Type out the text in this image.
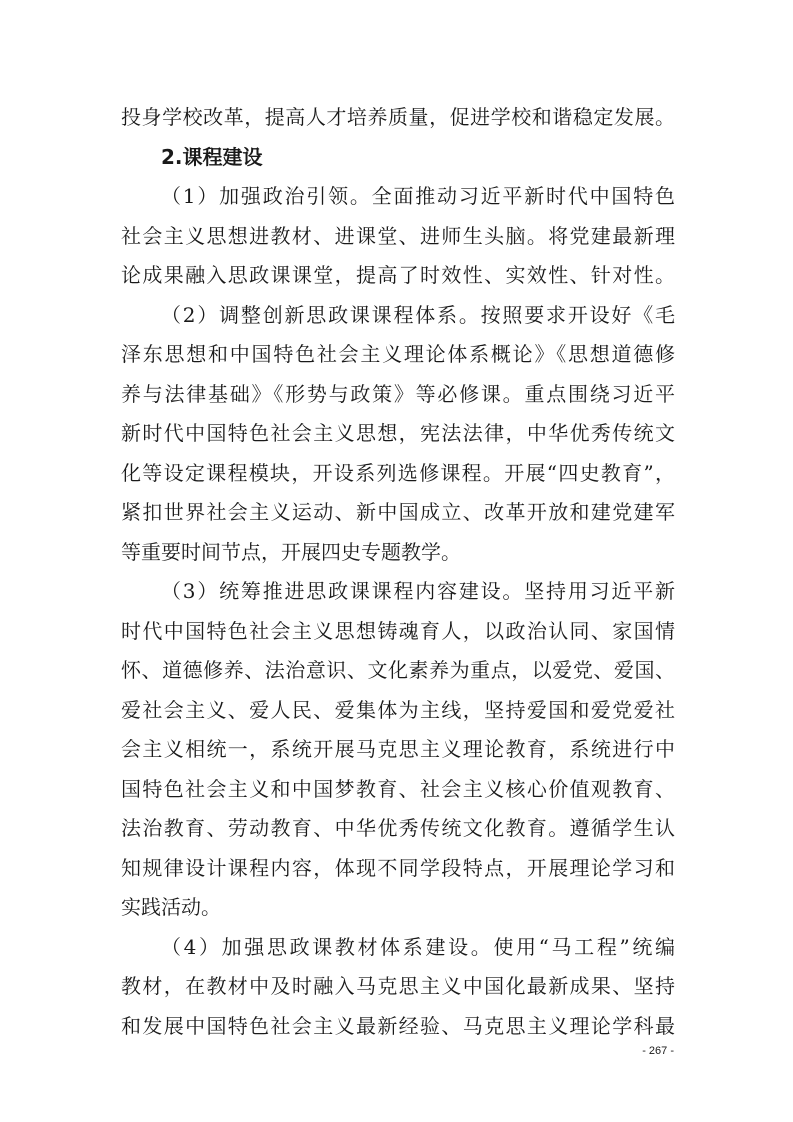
投身学校改革，提高人才培养质量，促进学校和谐稳定发展。
2.课程建设
（1）加强政治引领。全面推动习近平新时代中国特色
社会主义思想进教材、进课堂、进师生头脑。将党建最新理
论成果融入思政课课堂，提高了时效性、实效性、针对性。
（2）调整创新思政课课程体系。按照要求开设好《毛
泽东思想和中国特色社会主义理论体系概论》《思想道德修
养与法律基础》《形势与政策》等必修课。重点围绕习近平
新时代中国特色社会主义思想，宪法法律，中华优秀传统文
化等设定课程模块，开设系列选修课程。开展“四史教育”，
紧扣世界社会主义运动、新中国成立、改革开放和建党建军
等重要时间节点，开展四史专题教学。
（3）统筹推进思政课课程内容建设。坚持用习近平新
时代中国特色社会主义思想铸魂育人，以政治认同、家国情
怀、道德修养、法治意识、文化素养为重点，以爱党、爱国、
爱社会主义、爱人民、爱集体为主线，坚持爱国和爱党爱社
会主义相统一，系统开展马克思主义理论教育，系统进行中
国特色社会主义和中国梦教育、社会主义核心价值观教育、
法治教育、劳动教育、中华优秀传统文化教育。遵循学生认
知规律设计课程内容，体现不同学段特点，开展理论学习和
实践活动。
（4）加强思政课教材体系建设。使用“马工程”统编
教材，在教材中及时融入马克思主义中国化最新成果、坚持
和发展中国特色社会主义最新经验、马克思主义理论学科最
- 267 -
